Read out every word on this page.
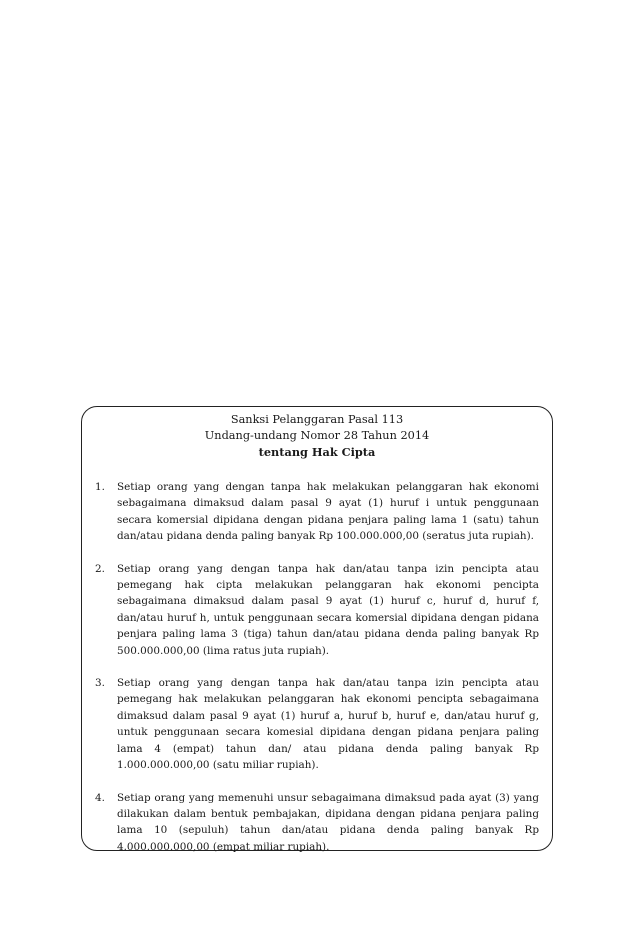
Sanksi Pelanggaran Pasal 113
Undang-undang Nomor 28 Tahun 2014
tentang Hak Cipta
1. Setiap orang yang dengan tanpa hak melakukan pelanggaran hak ekonomi sebagaimana dimaksud dalam pasal 9 ayat (1) huruf i untuk penggunaan secara komersial dipidana dengan pidana penjara paling lama 1 (satu) tahun dan/atau pidana denda paling banyak Rp 100.000.000,00 (seratus juta rupiah).
2. Setiap orang yang dengan tanpa hak dan/atau tanpa izin pencipta atau pemegang hak cipta melakukan pelanggaran hak ekonomi pencipta sebagaimana dimaksud dalam pasal 9 ayat (1) huruf c, huruf d, huruf f, dan/atau huruf h, untuk penggunaan secara komersial dipidana dengan pidana penjara paling lama 3 (tiga) tahun dan/atau pidana denda paling banyak Rp 500.000.000,00 (lima ratus juta rupiah).
3. Setiap orang yang dengan tanpa hak dan/atau tanpa izin pencipta atau pemegang hak melakukan pelanggaran hak ekonomi pencipta sebagaimana dimaksud dalam pasal 9 ayat (1) huruf a, huruf b, huruf e, dan/atau huruf g, untuk penggunaan secara komesial dipidana dengan pidana penjara paling lama 4 (empat) tahun dan/ atau pidana denda paling banyak Rp 1.000.000.000,00 (satu miliar rupiah).
4. Setiap orang yang memenuhi unsur sebagaimana dimaksud pada ayat (3) yang dilakukan dalam bentuk pembajakan, dipidana dengan pidana penjara paling lama 10 (sepuluh) tahun dan/atau pidana denda paling banyak Rp 4.000.000.000,00 (empat miliar rupiah).
